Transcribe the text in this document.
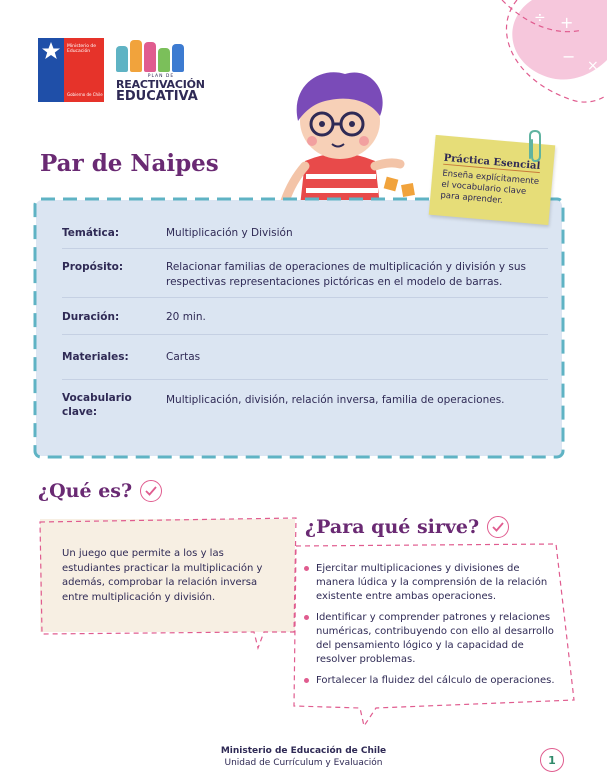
+
−
÷
×
Ministerio de
Educación
Gobierno de Chile
PLAN DE
REACTIVACIÓN
EDUCATIVA
Par de Naipes
Temática:	Multiplicación y División
Propósito:	Relacionar familias de operaciones de multiplicación y división y sus respectivas representaciones pictóricas en el modelo de barras.
Duración:	20 min.
Materiales:	Cartas
Vocabulario clave:
Multiplicación, división, relación inversa, familia de operaciones.
Práctica Esencial
Enseña explícitamente el vocabulario clave para aprender.
¿Qué es?
Un juego que permite a los y las estudiantes practicar la multiplicación y además, comprobar la relación inversa entre multiplicación y división.
¿Para qué sirve?
Ejercitar multiplicaciones y divisiones de manera lúdica y la comprensión de la relación existente entre ambas operaciones.
Identificar y comprender patrones y relaciones numéricas, contribuyendo con ello al desarrollo del pensamiento lógico y la capacidad de resolver problemas.
Fortalecer la fluidez del cálculo de operaciones.
Ministerio de Educación de Chile
Unidad de Currículum y Evaluación	1
